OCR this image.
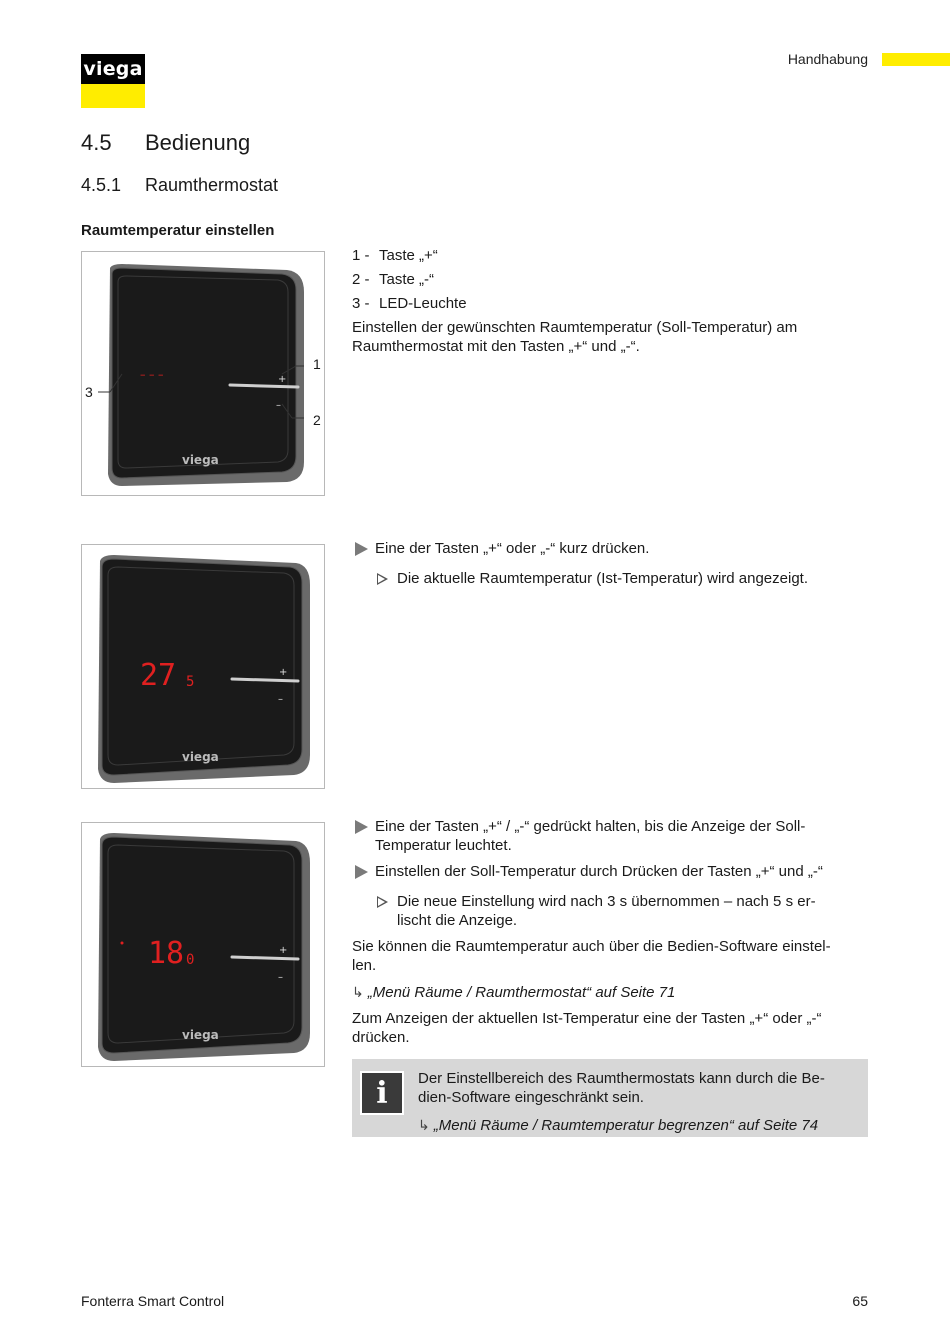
viega	Handhabung
4.5 Bedienung
4.5.1 Raumthermostat
Raumtemperatur einstellen
+
–
– – –
viega
1
2
3
+
–
27 5
viega
+
–
18 0
viega
1 - Taste „+“
2 - Taste „-“
3 - LED-Leuchte
Einstellen der gewünschten Raumtemperatur (Soll-Temperatur) am
Raumthermostat mit den Tasten „+“ und „-“.
Eine der Tasten „+“ oder „-“ kurz drücken.
Die aktuelle Raumtemperatur (Ist-Temperatur) wird angezeigt.
Eine der Tasten „+“ / „-“ gedrückt halten, bis die Anzeige der Soll-
Temperatur leuchtet.
Einstellen der Soll-Temperatur durch Drücken der Tasten „+“ und „-“
Die neue Einstellung wird nach 3 s übernommen – nach 5 s er-
lischt die Anzeige.
Sie können die Raumtemperatur auch über die Bedien-Software einstel-
len.
↳ „Menü Räume / Raumthermostat“ auf Seite 71
Zum Anzeigen der aktuellen Ist-Temperatur eine der Tasten „+“ oder „-“
drücken.
i	Der Einstellbereich des Raumthermostats kann durch die Be-
dien-Software eingeschränkt sein.
↳ „Menü Räume / Raumtemperatur begrenzen“ auf Seite 74
Fonterra Smart Control	65
